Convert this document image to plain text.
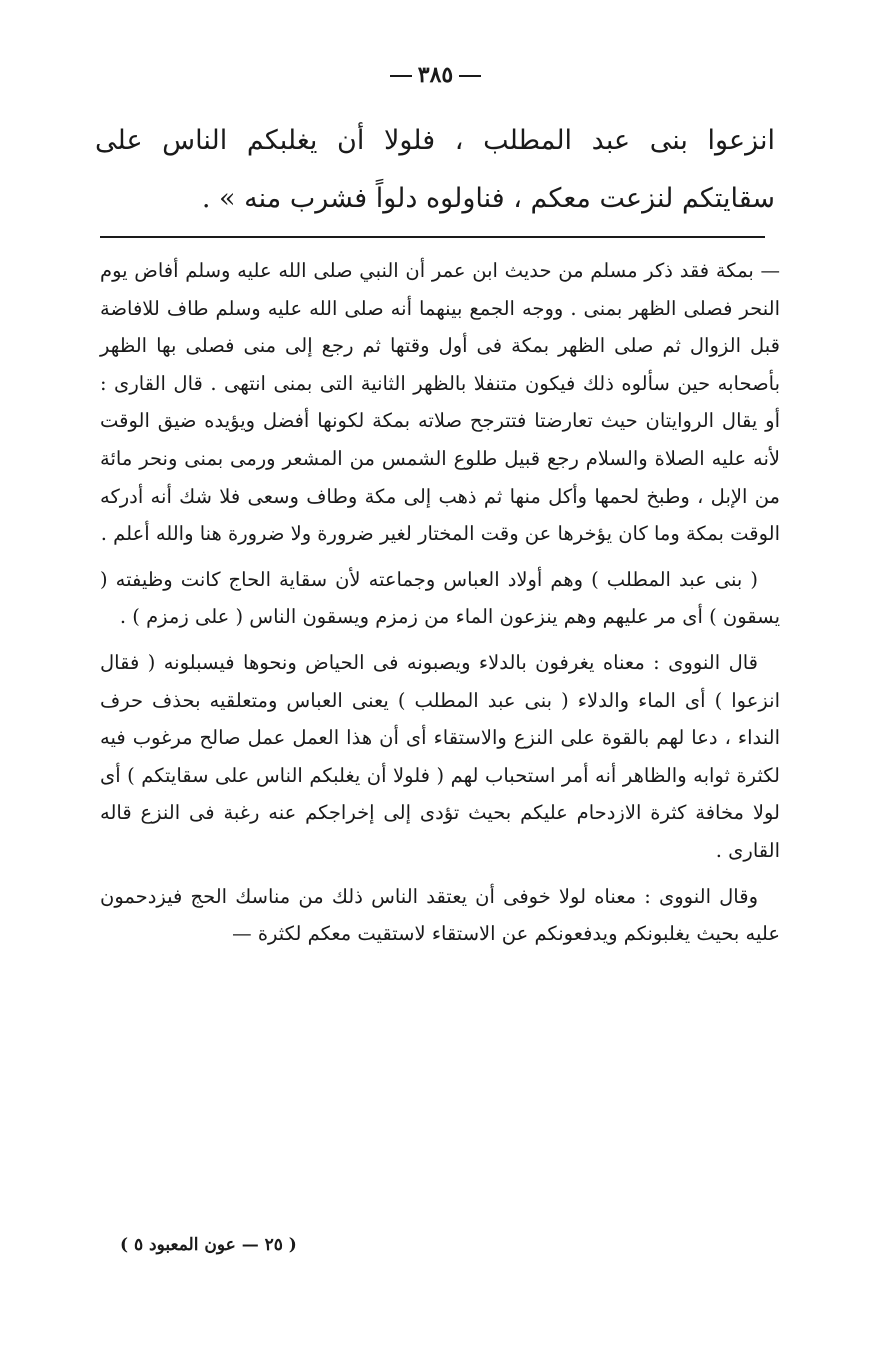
٣٨٥
انزعوا بنى عبد المطلب ، فلولا أن يغلبكم الناس على سقايتكم لنزعت معكم ، فناولوه دلواً فشرب منه » .

— بمكة فقد ذكر مسلم من حديث ابن عمر أن النبي صلى الله عليه وسلم أفاض يوم النحر فصلى الظهر بمنى . ووجه الجمع بينهما أنه صلى الله عليه وسلم طاف للافاضة قبل الزوال ثم صلى الظهر بمكة فى أول وقتها ثم رجع إلى منى فصلى بها الظهر بأصحابه حين سألوه ذلك فيكون متنفلا بالظهر الثانية التى بمنى انتهى . قال القارى : أو يقال الروايتان حيث تعارضتا فتترجح صلاته بمكة لكونها أفضل ويؤيده ضيق الوقت لأنه عليه الصلاة والسلام رجع قبيل طلوع الشمس من المشعر ورمى بمنى ونحر مائة من الإبل ، وطبخ لحمها وأكل منها ثم ذهب إلى مكة وطاف وسعى فلا شك أنه أدركه الوقت بمكة وما كان يؤخرها عن وقت المختار لغير ضرورة ولا ضرورة هنا والله أعلم .

( بنى عبد المطلب ) وهم أولاد العباس وجماعته لأن سقاية الحاج كانت وظيفته ( يسقون ) أى مر عليهم وهم ينزعون الماء من زمزم ويسقون الناس ( على زمزم ) .

قال النووى : معناه يغرفون بالدلاء ويصبونه فى الحياض ونحوها فيسبلونه ( فقال انزعوا ) أى الماء والدلاء ( بنى عبد المطلب ) يعنى العباس ومتعلقيه بحذف حرف النداء ، دعا لهم بالقوة على النزع والاستقاء أى أن هذا العمل عمل صالح مرغوب فيه لكثرة ثوابه والظاهر أنه أمر استحباب لهم ( فلولا أن يغلبكم الناس على سقايتكم ) أى لولا مخافة كثرة الازدحام عليكم بحيث تؤدى إلى إخراجكم عنه رغبة فى النزع قاله القارى .

وقال النووى : معناه لولا خوفى أن يعتقد الناس ذلك من مناسك الحج فيزدحمون عليه بحيث يغلبونكم ويدفعونكم عن الاستقاء لاستقيت معكم لكثرة —

( ٢٥ — عون المعبود ٥ )
